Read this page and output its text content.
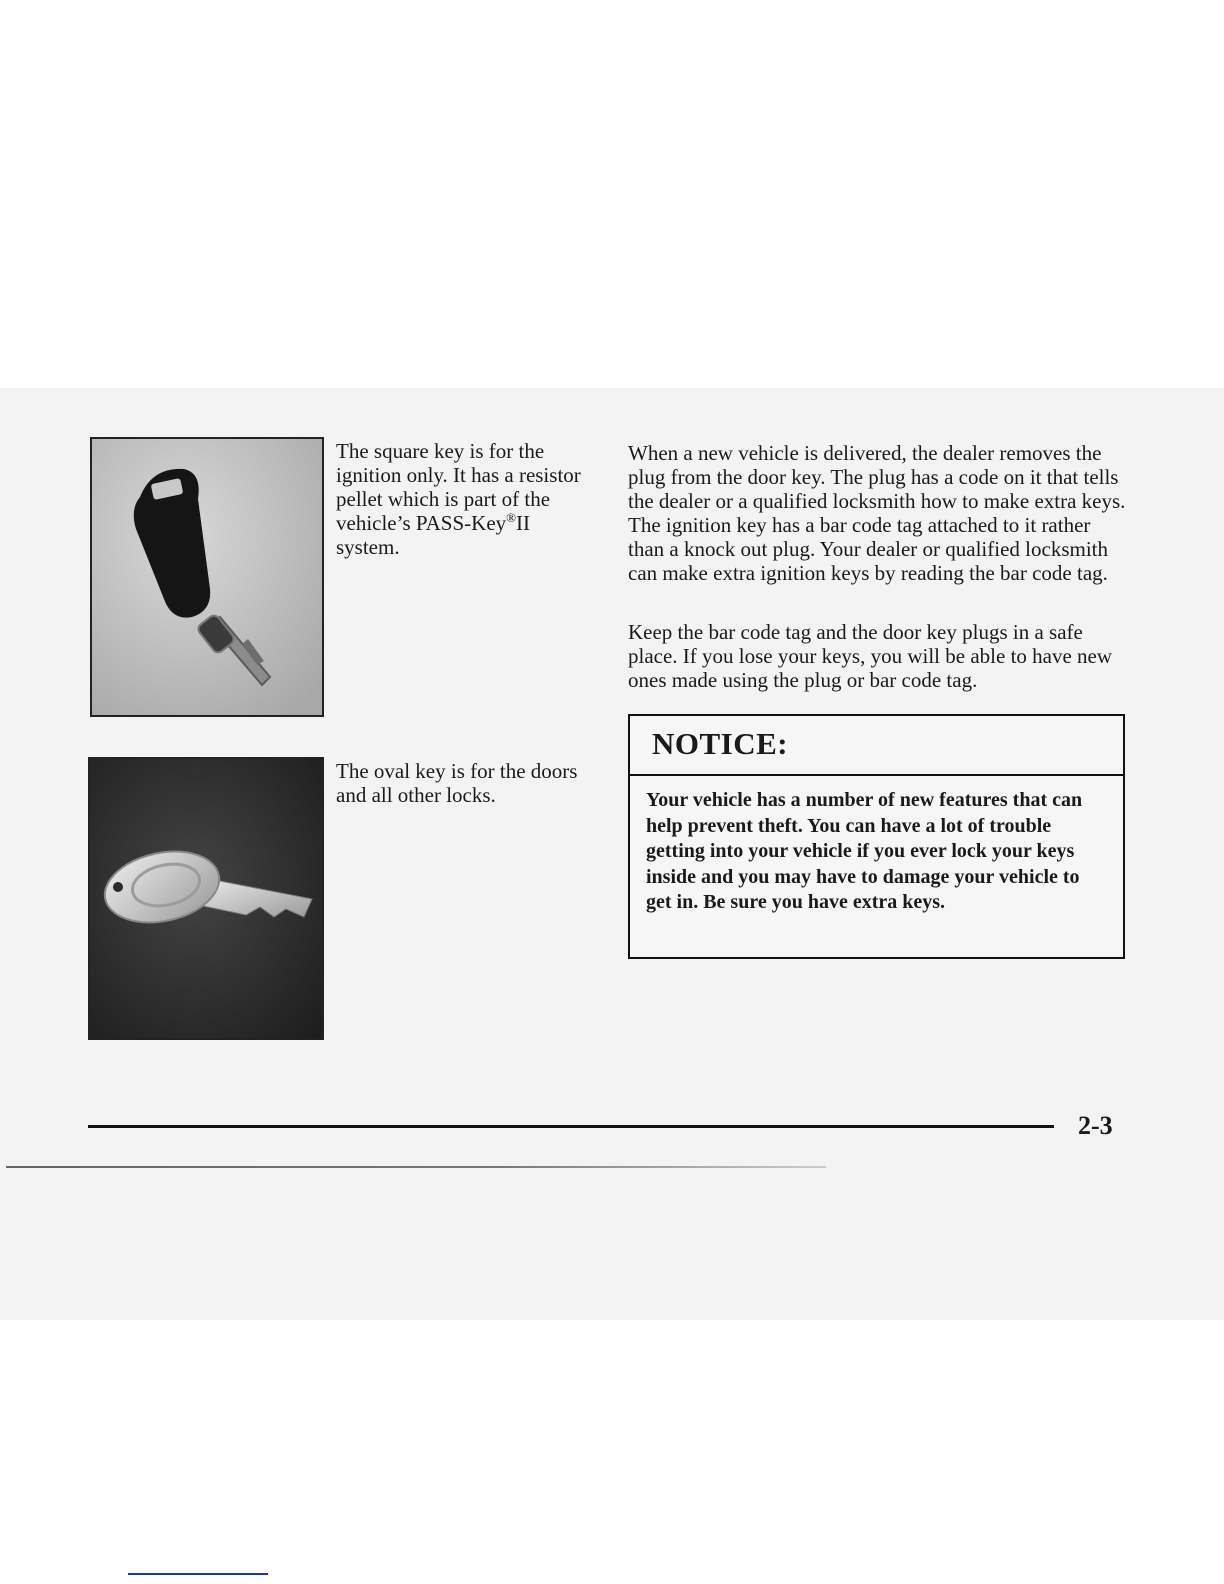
The square key is for the ignition only. It has a resistor pellet which is part of the vehicle’s PASS-Key®II system.

The oval key is for the doors and all other locks.

When a new vehicle is delivered, the dealer removes the plug from the door key. The plug has a code on it that tells the dealer or a qualified locksmith how to make extra keys. The ignition key has a bar code tag attached to it rather than a knock out plug. Your dealer or qualified locksmith can make extra ignition keys by reading the bar code tag.

Keep the bar code tag and the door key plugs in a safe place. If you lose your keys, you will be able to have new ones made using the plug or bar code tag.

NOTICE:

Your vehicle has a number of new features that can help prevent theft. You can have a lot of trouble getting into your vehicle if you ever lock your keys inside and you may have to damage your vehicle to get in. Be sure you have extra keys.

2-3
